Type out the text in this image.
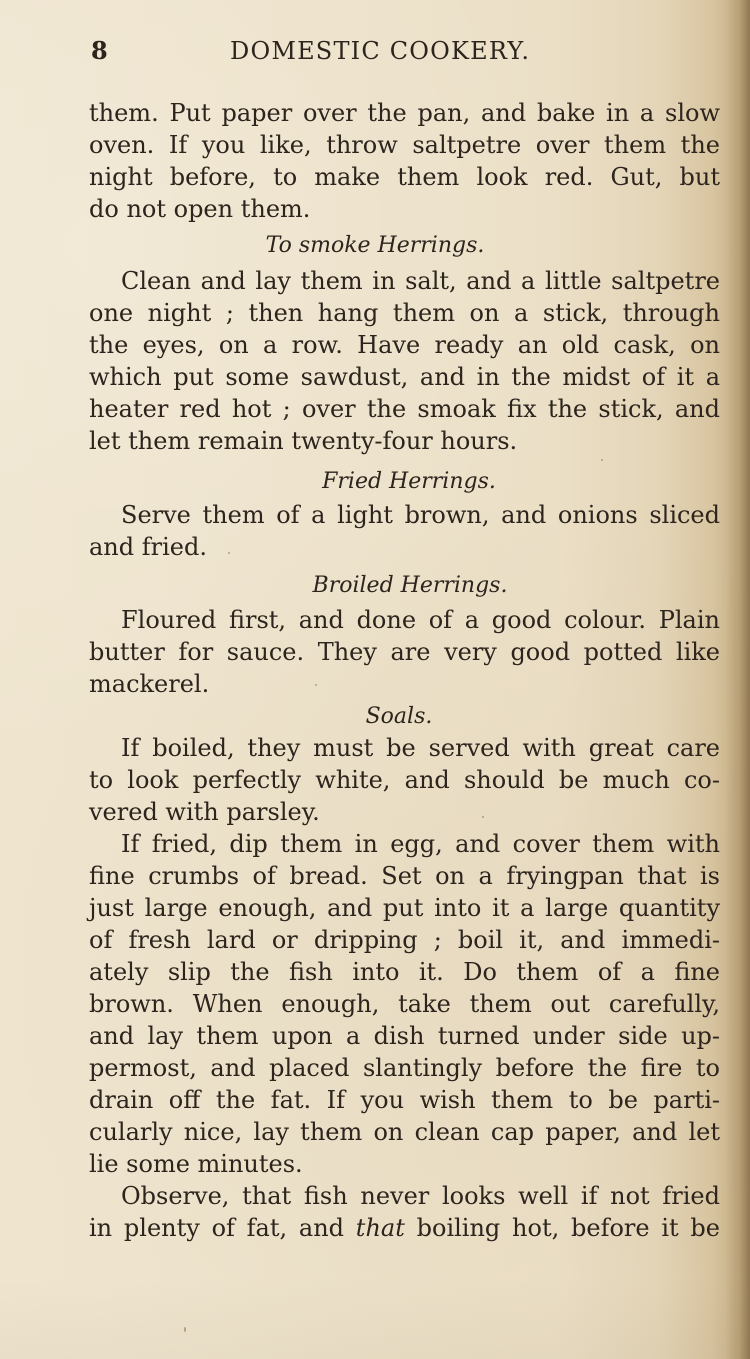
8	DOMESTIC COOKERY.
them. Put paper over the pan, and bake in a slow
oven. If you like, throw saltpetre over them the
night before, to make them look red. Gut, but
do not open them.
To smoke Herrings.
Clean and lay them in salt, and a little saltpetre
one night ; then hang them on a stick, through
the eyes, on a row. Have ready an old cask, on
which put some sawdust, and in the midst of it a
heater red hot ; over the smoak fix the stick, and
let them remain twenty-four hours.
Fried Herrings.
Serve them of a light brown, and onions sliced
and fried.
Broiled Herrings.
Floured first, and done of a good colour. Plain
butter for sauce. They are very good potted like
mackerel.
Soals.
If boiled, they must be served with great care
to look perfectly white, and should be much co-
vered with parsley.
If fried, dip them in egg, and cover them with
fine crumbs of bread. Set on a fryingpan that is
just large enough, and put into it a large quantity
of fresh lard or dripping ; boil it, and immedi-
ately slip the fish into it. Do them of a fine
brown. When enough, take them out carefully,
and lay them upon a dish turned under side up-
permost, and placed slantingly before the fire to
drain off the fat. If you wish them to be parti-
cularly nice, lay them on clean cap paper, and let
lie some minutes.
Observe, that fish never looks well if not fried
in plenty of fat, and that boiling hot, before it be
